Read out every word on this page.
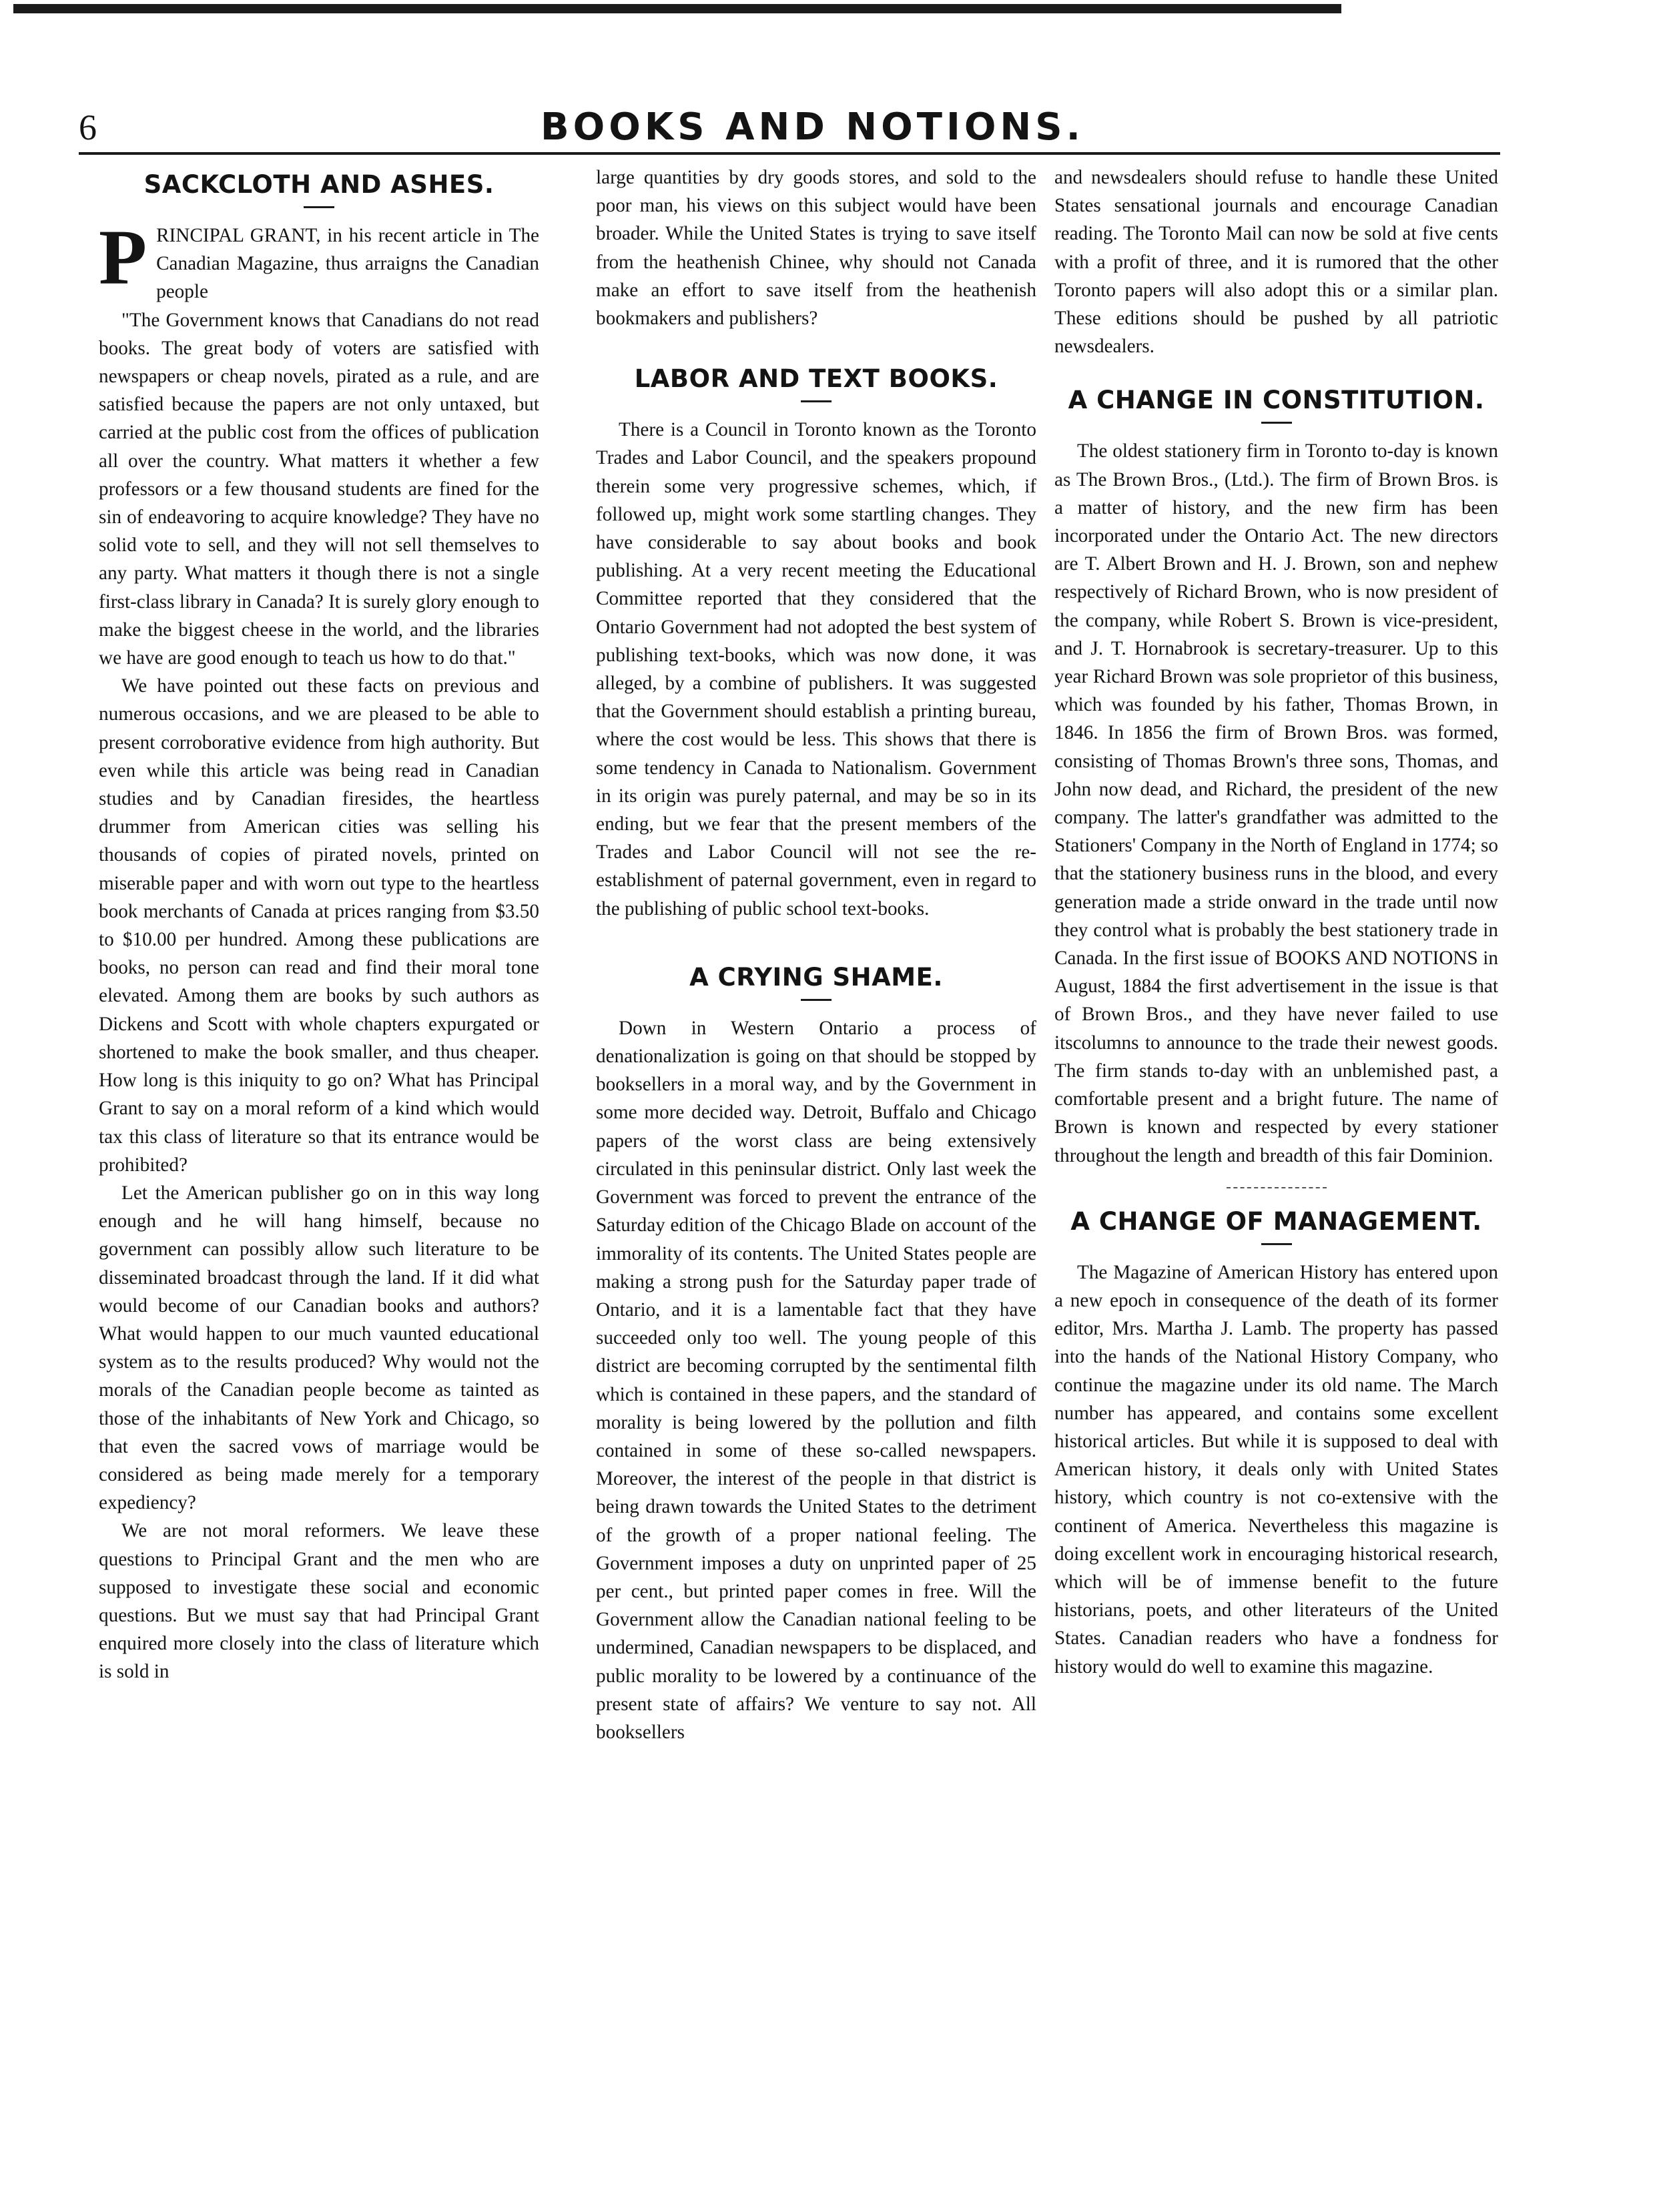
6	BOOKS AND NOTIONS.
SACKCLOTH AND ASHES.

PRINCIPAL GRANT, in his recent article in The Canadian Magazine, thus arraigns the Canadian people

"The Government knows that Canadians do not read books. The great body of voters are satisfied with newspapers or cheap novels, pirated as a rule, and are satisfied because the papers are not only untaxed, but carried at the public cost from the offices of publication all over the country. What matters it whether a few professors or a few thousand students are fined for the sin of endeavoring to acquire knowledge? They have no solid vote to sell, and they will not sell themselves to any party. What matters it though there is not a single first-class library in Canada? It is surely glory enough to make the biggest cheese in the world, and the libraries we have are good enough to teach us how to do that."

We have pointed out these facts on previous and numerous occasions, and we are pleased to be able to present corroborative evidence from high authority. But even while this article was being read in Canadian studies and by Canadian firesides, the heartless drummer from American cities was selling his thousands of copies of pirated novels, printed on miserable paper and with worn out type to the heartless book merchants of Canada at prices ranging from $3.50 to $10.00 per hundred. Among these publications are books, no person can read and find their moral tone elevated. Among them are books by such authors as Dickens and Scott with whole chapters expurgated or shortened to make the book smaller, and thus cheaper. How long is this iniquity to go on? What has Principal Grant to say on a moral reform of a kind which would tax this class of literature so that its entrance would be prohibited?

Let the American publisher go on in this way long enough and he will hang himself, because no government can possibly allow such literature to be disseminated broadcast through the land. If it did what would become of our Canadian books and authors? What would happen to our much vaunted educational system as to the results produced? Why would not the morals of the Canadian people become as tainted as those of the inhabitants of New York and Chicago, so that even the sacred vows of marriage would be considered as being made merely for a temporary expediency?

We are not moral reformers. We leave these questions to Principal Grant and the men who are supposed to investigate these social and economic questions. But we must say that had Principal Grant enquired more closely into the class of literature which is sold in

large quantities by dry goods stores, and sold to the poor man, his views on this subject would have been broader. While the United States is trying to save itself from the heathenish Chinee, why should not Canada make an effort to save itself from the heathenish bookmakers and publishers?

LABOR AND TEXT BOOKS.

There is a Council in Toronto known as the Toronto Trades and Labor Council, and the speakers propound therein some very progressive schemes, which, if followed up, might work some startling changes. They have considerable to say about books and book publishing. At a very recent meeting the Educational Committee reported that they considered that the Ontario Government had not adopted the best system of publishing text-books, which was now done, it was alleged, by a combine of publishers. It was suggested that the Government should establish a printing bureau, where the cost would be less. This shows that there is some tendency in Canada to Nationalism. Government in its origin was purely paternal, and may be so in its ending, but we fear that the present members of the Trades and Labor Council will not see the re-establishment of paternal government, even in regard to the publishing of public school text-books.

A CRYING SHAME.

Down in Western Ontario a process of denationalization is going on that should be stopped by booksellers in a moral way, and by the Government in some more decided way. Detroit, Buffalo and Chicago papers of the worst class are being extensively circulated in this peninsular district. Only last week the Government was forced to prevent the entrance of the Saturday edition of the Chicago Blade on account of the immorality of its contents. The United States people are making a strong push for the Saturday paper trade of Ontario, and it is a lamentable fact that they have succeeded only too well. The young people of this district are becoming corrupted by the sentimental filth which is contained in these papers, and the standard of morality is being lowered by the pollution and filth contained in some of these so-called newspapers. Moreover, the interest of the people in that district is being drawn towards the United States to the detriment of the growth of a proper national feeling. The Government imposes a duty on unprinted paper of 25 per cent., but printed paper comes in free. Will the Government allow the Canadian national feeling to be undermined, Canadian newspapers to be displaced, and public morality to be lowered by a continuance of the present state of affairs? We venture to say not. All booksellers

and newsdealers should refuse to handle these United States sensational journals and encourage Canadian reading. The Toronto Mail can now be sold at five cents with a profit of three, and it is rumored that the other Toronto papers will also adopt this or a similar plan. These editions should be pushed by all patriotic newsdealers.

A CHANGE IN CONSTITUTION.

The oldest stationery firm in Toronto to-day is known as The Brown Bros., (Ltd.). The firm of Brown Bros. is a matter of history, and the new firm has been incorporated under the Ontario Act. The new directors are T. Albert Brown and H. J. Brown, son and nephew respectively of Richard Brown, who is now president of the company, while Robert S. Brown is vice-president, and J. T. Hornabrook is secretary-treasurer. Up to this year Richard Brown was sole proprietor of this business, which was founded by his father, Thomas Brown, in 1846. In 1856 the firm of Brown Bros. was formed, consisting of Thomas Brown's three sons, Thomas, and John now dead, and Richard, the president of the new company. The latter's grandfather was admitted to the Stationers' Company in the North of England in 1774; so that the stationery business runs in the blood, and every generation made a stride onward in the trade until now they control what is probably the best stationery trade in Canada. In the first issue of BOOKS AND NOTIONS in August, 1884 the first advertisement in the issue is that of Brown Bros., and they have never failed to use itscolumns to announce to the trade their newest goods. The firm stands to-day with an unblemished past, a comfortable present and a bright future. The name of Brown is known and respected by every stationer throughout the length and breadth of this fair Dominion.

A CHANGE OF MANAGEMENT.

The Magazine of American History has entered upon a new epoch in consequence of the death of its former editor, Mrs. Martha J. Lamb. The property has passed into the hands of the National History Company, who continue the magazine under its old name. The March number has appeared, and contains some excellent historical articles. But while it is supposed to deal with American history, it deals only with United States history, which country is not co-extensive with the continent of America. Nevertheless this magazine is doing excellent work in encouraging historical research, which will be of immense benefit to the future historians, poets, and other literateurs of the United States. Canadian readers who have a fondness for history would do well to examine this magazine.
